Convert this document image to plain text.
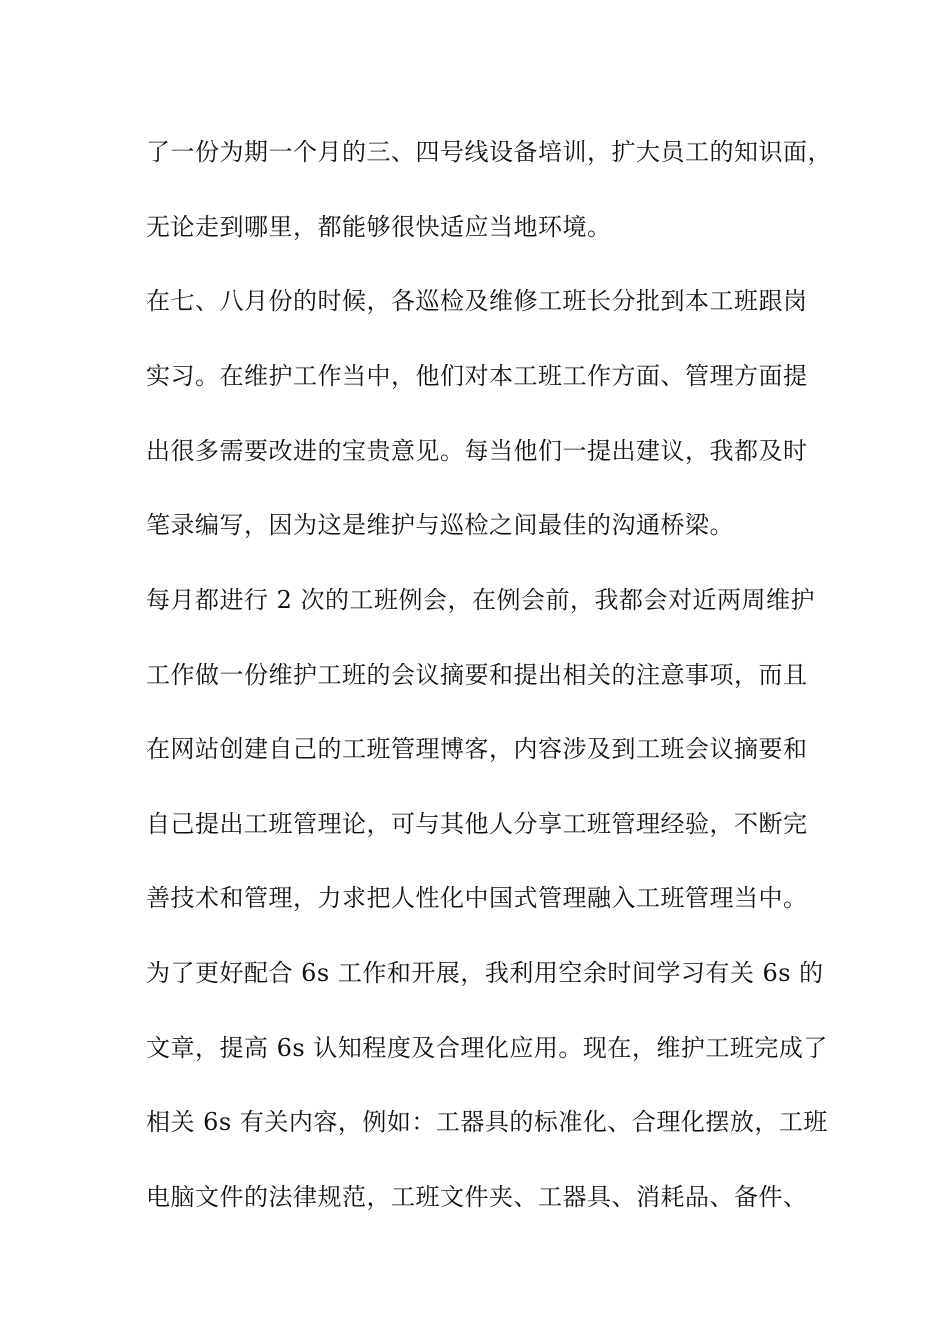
了一份为期一个月的三、四号线设备培训，扩大员工的知识面，
无论走到哪里，都能够很快适应当地环境。
在七、八月份的时候，各巡检及维修工班长分批到本工班跟岗
实习。在维护工作当中，他们对本工班工作方面、管理方面提
出很多需要改进的宝贵意见。每当他们一提出建议，我都及时
笔录编写，因为这是维护与巡检之间最佳的沟通桥梁。
每月都进行 2 次的工班例会，在例会前，我都会对近两周维护
工作做一份维护工班的会议摘要和提出相关的注意事项，而且
在网站创建自己的工班管理博客，内容涉及到工班会议摘要和
自己提出工班管理论，可与其他人分享工班管理经验，不断完
善技术和管理，力求把人性化中国式管理融入工班管理当中。
为了更好配合 6s 工作和开展，我利用空余时间学习有关 6s 的
文章，提高 6s 认知程度及合理化应用。现在，维护工班完成了
相关 6s 有关内容，例如：工器具的标准化、合理化摆放，工班
电脑文件的法律规范，工班文件夹、工器具、消耗品、备件、
